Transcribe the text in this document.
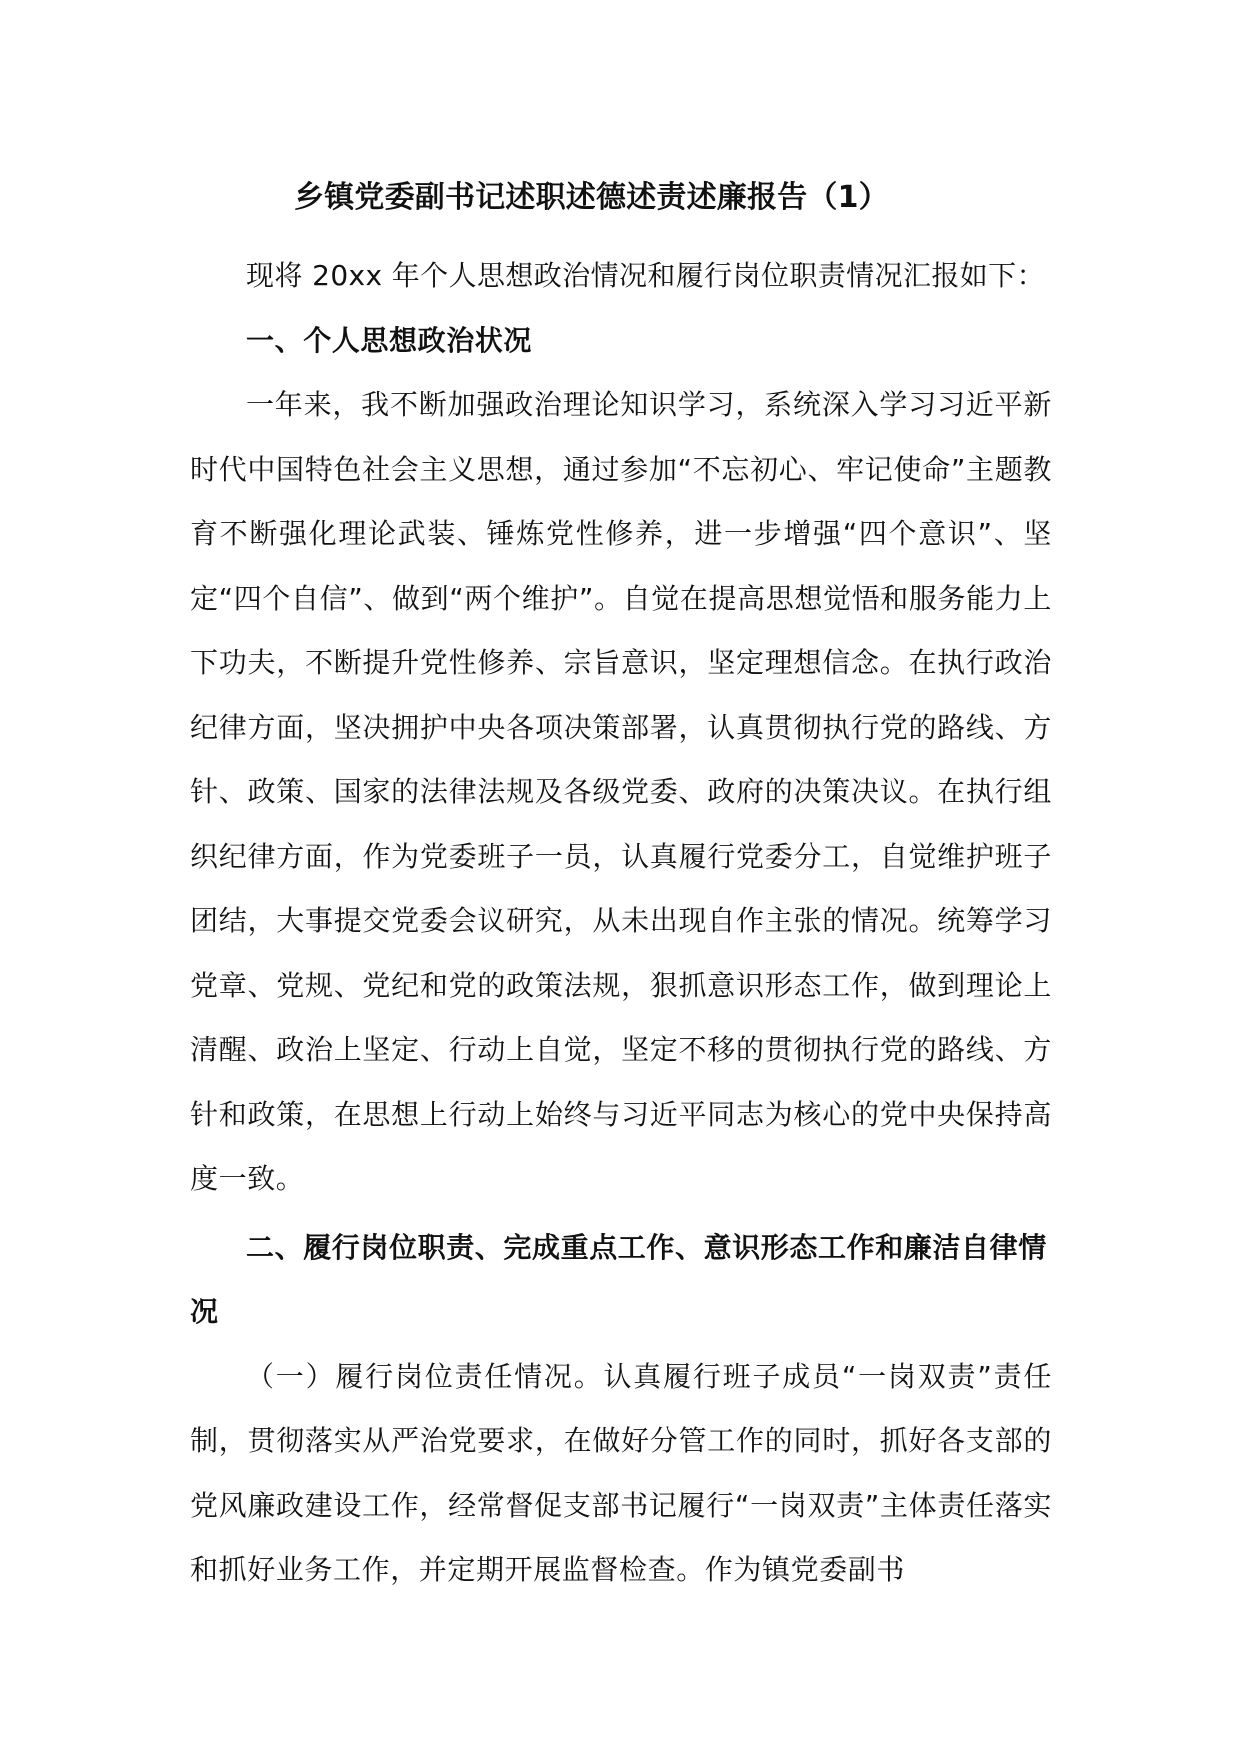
乡镇党委副书记述职述德述责述廉报告（1）

现将 20xx 年个人思想政治情况和履行岗位职责情况汇报如下：

一、个人思想政治状况

一年来，我不断加强政治理论知识学习，系统深入学习习近平新时代中国特色社会主义思想，通过参加“不忘初心、牢记使命”主题教育不断强化理论武装、锤炼党性修养，进一步增强“四个意识”、坚定“四个自信”、做到“两个维护”。自觉在提高思想觉悟和服务能力上下功夫，不断提升党性修养、宗旨意识，坚定理想信念。在执行政治纪律方面，坚决拥护中央各项决策部署，认真贯彻执行党的路线、方针、政策、国家的法律法规及各级党委、政府的决策决议。在执行组织纪律方面，作为党委班子一员，认真履行党委分工，自觉维护班子团结，大事提交党委会议研究，从未出现自作主张的情况。统筹学习党章、党规、党纪和党的政策法规，狠抓意识形态工作，做到理论上清醒、政治上坚定、行动上自觉，坚定不移的贯彻执行党的路线、方针和政策，在思想上行动上始终与习近平同志为核心的党中央保持高度一致。

二、履行岗位职责、完成重点工作、意识形态工作和廉洁自律情况

（一）履行岗位责任情况。认真履行班子成员“一岗双责”责任制，贯彻落实从严治党要求，在做好分管工作的同时，抓好各支部的党风廉政建设工作，经常督促支部书记履行“一岗双责”主体责任落实和抓好业务工作，并定期开展监督检查。作为镇党委副书
